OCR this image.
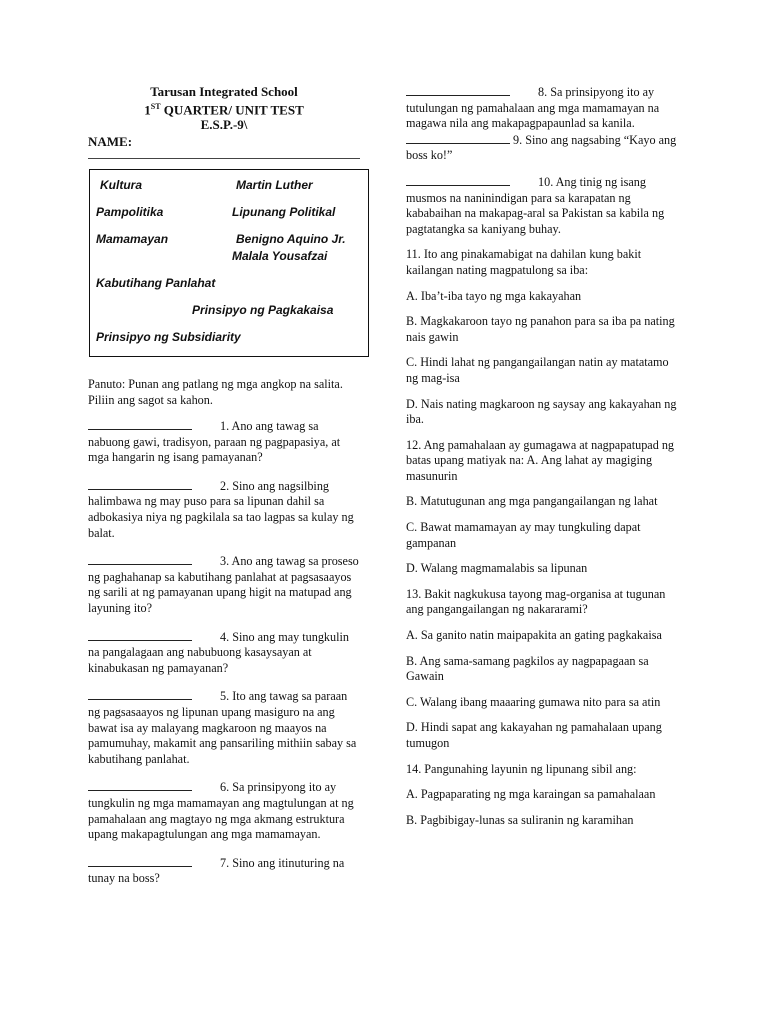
Tarusan Integrated School
1ST QUARTER/ UNIT TEST
E.S.P.-9\
NAME:
Kultura	Martin Luther
Pampolitika	Lipunang Politikal
Mamamayan	Benigno Aquino Jr.
Malala Yousafzai
Kabutihang Panlahat
Prinsipyo ng Pagkakaisa
Prinsipyo ng Subsidiarity
Panuto: Punan ang patlang ng mga angkop na salita. Piliin ang sagot sa kahon.
1. Ano ang tawag sa nabuong gawi, tradisyon, paraan ng pagpapasiya, at mga hangarin ng isang pamayanan?
2. Sino ang nagsilbing halimbawa ng may puso para sa lipunan dahil sa adbokasiya niya ng pagkilala sa tao lagpas sa kulay ng balat.
3. Ano ang tawag sa proseso ng paghahanap sa kabutihang panlahat at pagsasaayos ng sarili at ng pamayanan upang higit na matupad ang layuning ito?
4. Sino ang may tungkulin na pangalagaan ang nabubuong kasaysayan at kinabukasan ng pamayanan?
5. Ito ang tawag sa paraan ng pagsasaayos ng lipunan upang masiguro na ang bawat isa ay malayang magkaroon ng maayos na pamumuhay, makamit ang pansariling mithiin sabay sa kabutihang panlahat.
6. Sa prinsipyong ito ay tungkulin ng mga mamamayan ang magtulungan at ng pamahalaan ang magtayo ng mga akmang estruktura upang makapagtulungan ang mga mamamayan.
7. Sino ang itinuturing na tunay na boss?
8. Sa prinsipyong ito ay tutulungan ng pamahalaan ang mga mamamayan na magawa nila ang makapagpapaunlad sa kanila.  9. Sino ang nagsabing “Kayo ang boss ko!”
10. Ang tinig ng isang musmos na naninindigan para sa karapatan ng kababaihan na makapag-aral sa Pakistan sa kabila ng pagtatangka sa kaniyang buhay.
11. Ito ang pinakamabigat na dahilan kung bakit kailangan nating magpatulong sa iba:
A. Iba’t-iba tayo ng mga kakayahan
B. Magkakaroon tayo ng panahon para sa iba pa nating nais gawin
C. Hindi lahat ng pangangailangan natin ay matatamo ng mag-isa
D. Nais nating magkaroon ng saysay ang kakayahan ng iba.
12. Ang pamahalaan ay gumagawa at nagpapatupad ng batas upang matiyak na: A. Ang lahat ay magiging masunurin
B. Matutugunan ang mga pangangailangan ng lahat
C. Bawat mamamayan ay may tungkuling dapat gampanan
D. Walang magmamalabis sa lipunan
13. Bakit nagkukusa tayong mag-organisa at tugunan ang pangangailangan ng nakararami?
A. Sa ganito natin maipapakita an gating pagkakaisa
B. Ang sama-samang pagkilos ay nagpapagaan sa Gawain
C. Walang ibang maaaring gumawa nito para sa atin
D. Hindi sapat ang kakayahan ng pamahalaan upang tumugon
14. Pangunahing layunin ng lipunang sibil ang:
A. Pagpaparating ng mga karaingan sa pamahalaan
B. Pagbibigay-lunas sa suliranin ng karamihan
